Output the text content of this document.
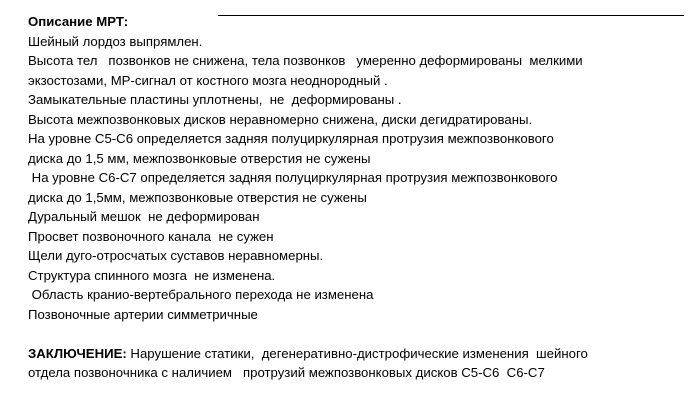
Описание МРТ:
Шейный лордоз выпрямлен.
Высота тел   позвонков не снижена, тела позвонков   умеренно деформированы  мелкими
экзостозами, МР-сигнал от костного мозга неоднородный .
Замыкательные пластины уплотнены,  не  деформированы .
Высота межпозвонковых дисков неравномерно снижена, диски дегидратированы.
На уровне С5-С6 определяется задняя полуциркулярная протрузия межпозвонкового
диска до 1,5 мм, межпозвонковые отверстия не сужены
На уровне С6-С7 определяется задняя полуциркулярная протрузия межпозвонкового
диска до 1,5мм, межпозвонковые отверстия не сужены
Дуральный мешок  не деформирован
Просвет позвоночного канала  не сужен
Щели дуго-отросчатых суставов неравномерны.
Структура спинного мозга  не изменена.
Область кранио-вертебрального перехода не изменена
Позвоночные артерии симметричные
ЗАКЛЮЧЕНИЕ: Нарушение статики,  дегенеративно-дистрофические изменения  шейного
отдела позвоночника с наличием   протрузий межпозвонковых дисков С5-С6  С6-С7
